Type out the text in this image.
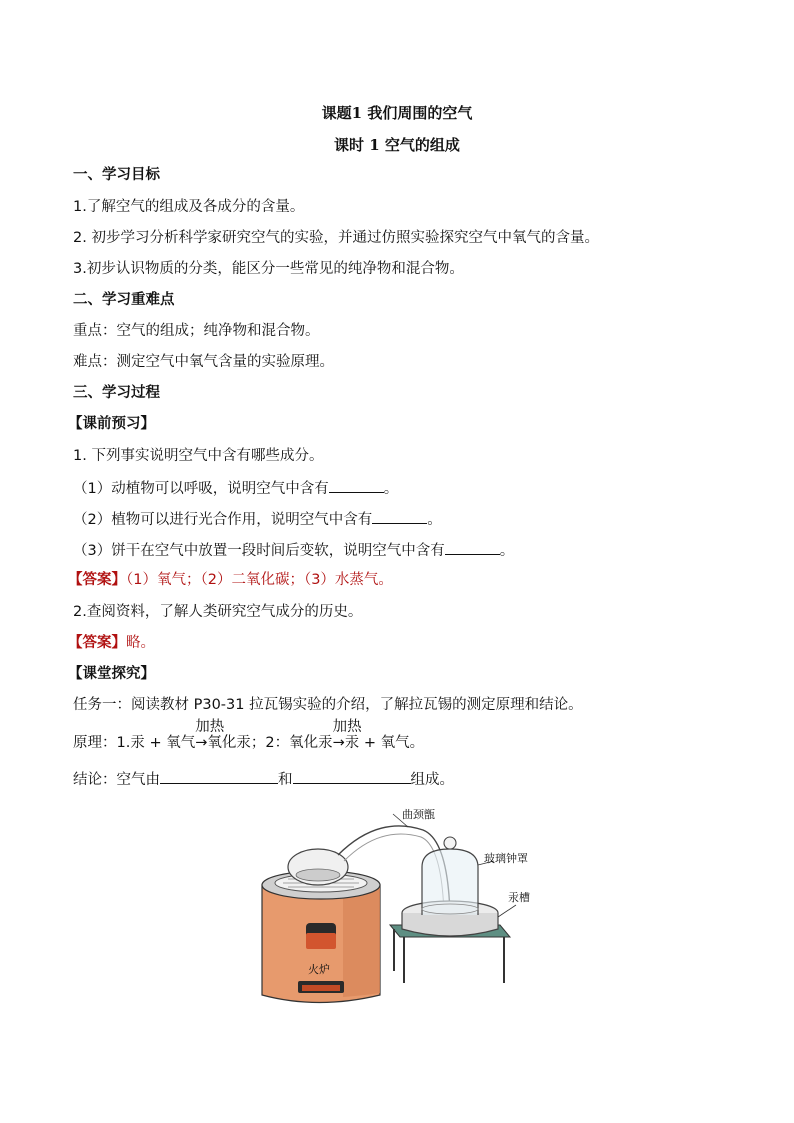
课题1 我们周围的空气
课时 1 空气的组成
一、学习目标
1.了解空气的组成及各成分的含量。
2. 初步学习分析科学家研究空气的实验，并通过仿照实验探究空气中氧气的含量。
3.初步认识物质的分类，能区分一些常见的纯净物和混合物。
二、学习重难点
重点：空气的组成；纯净物和混合物。
难点：测定空气中氧气含量的实验原理。
三、学习过程
【课前预习】
1. 下列事实说明空气中含有哪些成分。
（1）动植物可以呼吸，说明空气中含有	。
（2）植物可以进行光合作用，说明空气中含有	。
（3）饼干在空气中放置一段时间后变软，说明空气中含有	。
【答案】（1）氧气；（2）二氧化碳；（3）水蒸气。
2.查阅资料，了解人类研究空气成分的历史。
【答案】略。
【课堂探究】
任务一：阅读教材 P30-31 拉瓦锡实验的介绍，了解拉瓦锡的测定原理和结论。
原理：1.汞 + 氧气
加热
→氧化汞；2：氧化汞
加热
→汞 + 氧气。
结论：空气由	和	组成。
火炉
曲颈甑
汞槽
玻璃钟罩
